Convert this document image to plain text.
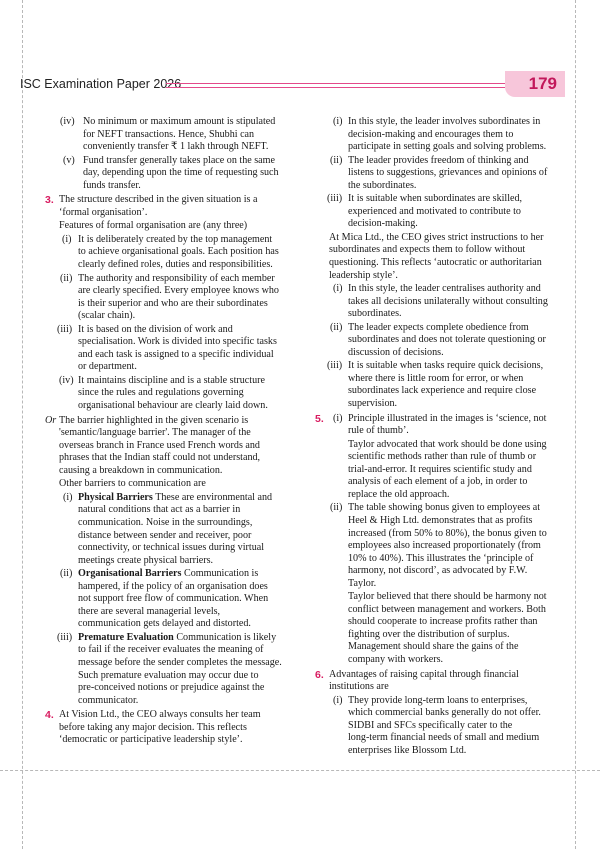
ISC Examination Paper 2026	179
(iv) No minimum or maximum amount is stipulated
for NEFT transactions. Hence, Shubhi can
conveniently transfer ₹ 1 lakh through NEFT.
(v) Fund transfer generally takes place on the same
day, depending upon the time of requesting such
funds transfer.
3. The structure described in the given situation is a
‘formal organisation’.
Features of formal organisation are (any three)
(i) It is deliberately created by the top management
to achieve organisational goals. Each position has
clearly defined roles, duties and responsibilities.
(ii) The authority and responsibility of each member
are clearly specified. Every employee knows who
is their superior and who are their subordinates
(scalar chain).
(iii) It is based on the division of work and
specialisation. Work is divided into specific tasks
and each task is assigned to a specific individual
or department.
(iv) It maintains discipline and is a stable structure
since the rules and regulations governing
organisational behaviour are clearly laid down.
Or The barrier highlighted in the given scenario is
'semantic/language barrier'. The manager of the
overseas branch in France used French words and
phrases that the Indian staff could not understand,
causing a breakdown in communication.
Other barriers to communication are
(i) Physical Barriers These are environmental and
natural conditions that act as a barrier in
communication. Noise in the surroundings,
distance between sender and receiver, poor
connectivity, or technical issues during virtual
meetings create physical barriers.
(ii) Organisational Barriers Communication is
hampered, if the policy of an organisation does
not support free flow of communication. When
there are several managerial levels,
communication gets delayed and distorted.
(iii) Premature Evaluation Communication is likely
to fail if the receiver evaluates the meaning of
message before the sender completes the message.
Such premature evaluation may occur due to
pre-conceived notions or prejudice against the
communicator.
4. At Vision Ltd., the CEO always consults her team
before taking any major decision. This reflects
‘democratic or participative leadership style’.
(i) In this style, the leader involves subordinates in
decision-making and encourages them to
participate in setting goals and solving problems.
(ii) The leader provides freedom of thinking and
listens to suggestions, grievances and opinions of
the subordinates.
(iii) It is suitable when subordinates are skilled,
experienced and motivated to contribute to
decision-making.
At Mica Ltd., the CEO gives strict instructions to her
subordinates and expects them to follow without
questioning. This reflects ‘autocratic or authoritarian
leadership style’.
(i) In this style, the leader centralises authority and
takes all decisions unilaterally without consulting
subordinates.
(ii) The leader expects complete obedience from
subordinates and does not tolerate questioning or
discussion of decisions.
(iii) It is suitable when tasks require quick decisions,
where there is little room for error, or when
subordinates lack experience and require close
supervision.
5. (i) Principle illustrated in the images is ‘science, not
rule of thumb’.
Taylor advocated that work should be done using
scientific methods rather than rule of thumb or
trial-and-error. It requires scientific study and
analysis of each element of a job, in order to
replace the old approach.
(ii) The table showing bonus given to employees at
Heel & High Ltd. demonstrates that as profits
increased (from 50% to 80%), the bonus given to
employees also increased proportionately (from
10% to 40%). This illustrates the ‘principle of
harmony, not discord’, as advocated by F.W.
Taylor.
Taylor believed that there should be harmony not
conflict between management and workers. Both
should cooperate to increase profits rather than
fighting over the distribution of surplus.
Management should share the gains of the
company with workers.
6. Advantages of raising capital through financial
institutions are
(i) They provide long-term loans to enterprises,
which commercial banks generally do not offer.
SIDBI and SFCs specifically cater to the
long-term financial needs of small and medium
enterprises like Blossom Ltd.
